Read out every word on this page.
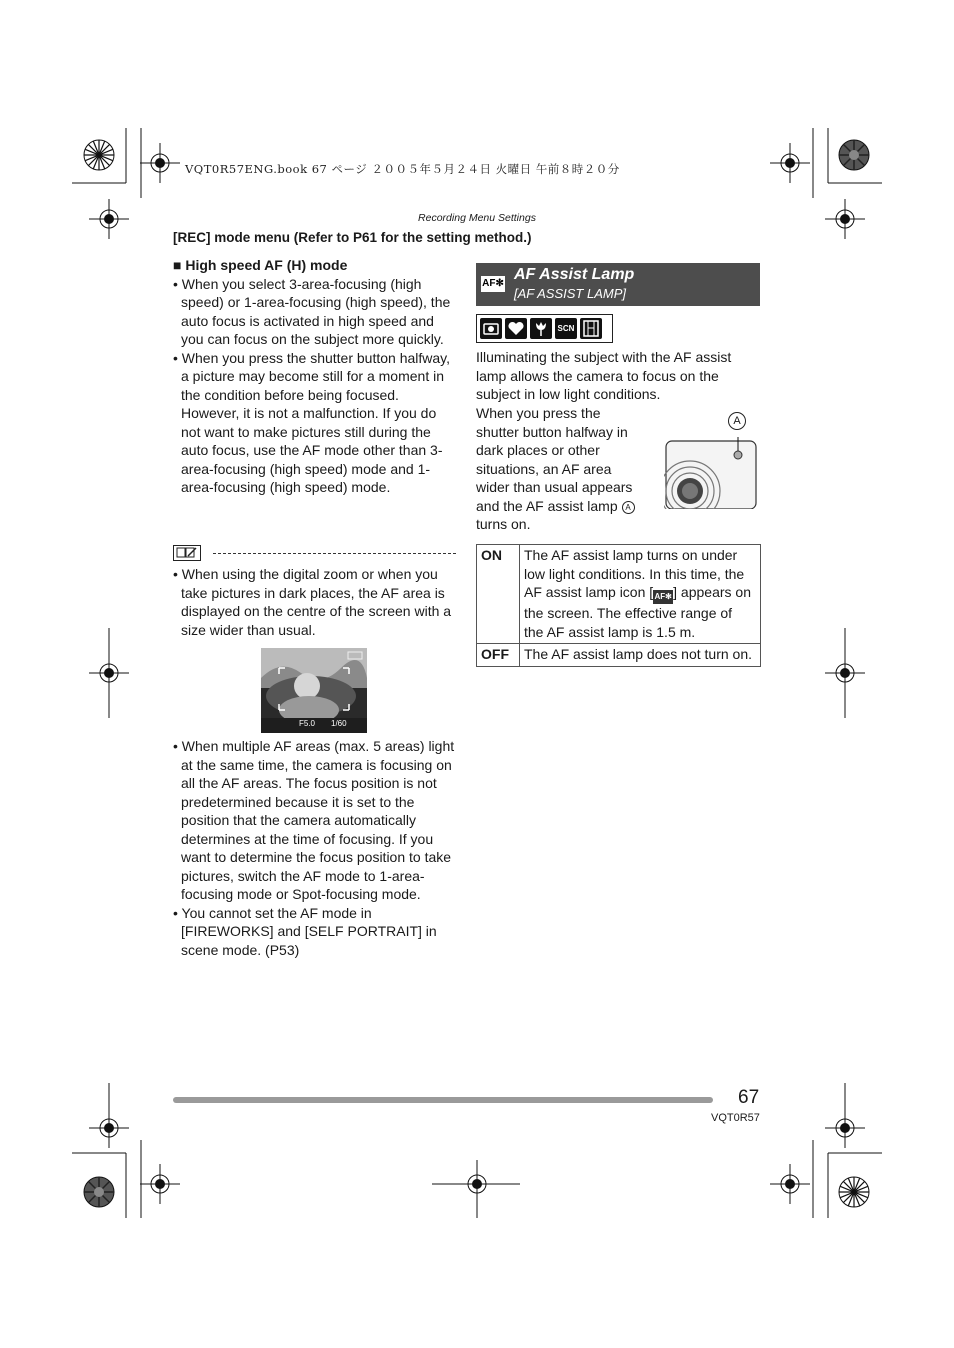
VQT0R57ENG.book 67 ページ ２００５年５月２４日 火曜日 午前８時２０分
Recording Menu Settings
[REC] mode menu (Refer to P61 for the setting method.)

■ High speed AF (H) mode

• When you select 3-area-focusing (high speed) or 1-area-focusing (high speed), the auto focus is activated in high speed and you can focus on the subject more quickly.

• When you press the shutter button halfway, a picture may become still for a moment in the condition before being focused. However, it is not a malfunction. If you do not want to make pictures still during the auto focus, use the AF mode other than 3-area-focusing (high speed) mode and 1-area-focusing (high speed) mode.

• When using the digital zoom or when you take pictures in dark places, the AF area is displayed on the centre of the screen with a size wider than usual.

F5.0 1/60

• When multiple AF areas (max. 5 areas) light at the same time, the camera is focusing on all the AF areas. The focus position is not predetermined because it is set to the position that the camera automatically determines at the time of focusing. If you want to determine the focus position to take pictures, switch the AF mode to 1-area-focusing mode or Spot-focusing mode.

• You cannot set the AF mode in [FIREWORKS] and [SELF PORTRAIT] in scene mode. (P53)

AF✻
AF Assist Lamp
[AF ASSIST LAMP]
SCN
Illuminating the subject with the AF assist lamp allows the camera to focus on the subject in low light conditions.

When you press the

shutter button halfway in

dark places or other

situations, an AF area

wider than usual appears

and the AF assist lamp A

turns on.

A
ON	The AF assist lamp turns on under low light conditions. In this time, the AF assist lamp icon [AF✻] appears on the screen. The effective range of the AF assist lamp is 1.5 m.
OFF	The AF assist lamp does not turn on.
67
VQT0R57
